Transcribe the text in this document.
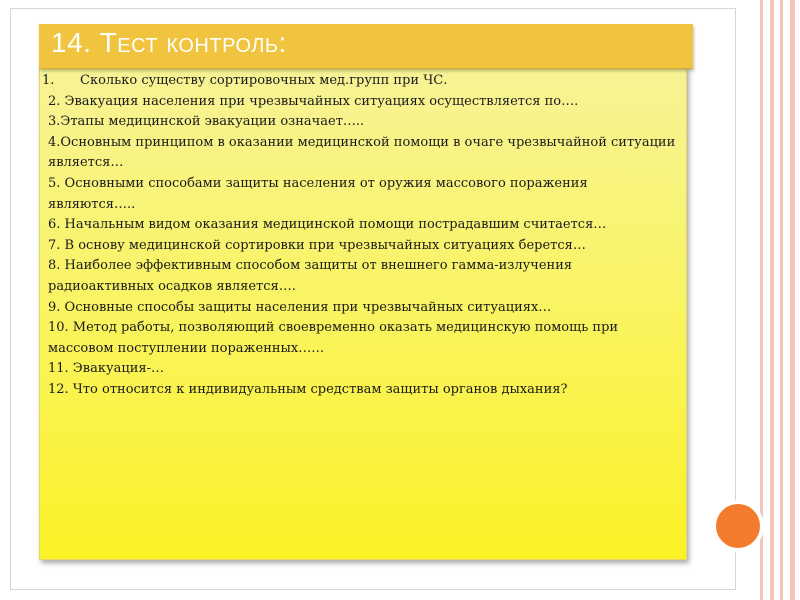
14. Тест контроль:
1.	Сколько существу сортировочных мед.групп при ЧС.
2. Эвакуация населения при чрезвычайных ситуациях осуществляется по….
3.Этапы медицинской эвакуации означает…..
4.Основным принципом в оказании медицинской помощи в очаге чрезвычайной ситуации является…
5. Основными способами защиты населения от оружия массового поражения являются…..
6. Начальным видом оказания медицинской помощи пострадавшим считается…
7. В основу медицинской сортировки при чрезвычайных ситуациях берется…
8. Наиболее эффективным способом защиты от внешнего гамма-излучения радиоактивных осадков является….
9. Основные способы защиты населения при чрезвычайных ситуациях…
10. Метод работы, позволяющий своевременно оказать медицинскую помощь при массовом поступлении пораженных……
11. Эвакуация-…
12. Что относится к индивидуальным средствам защиты органов дыхания?
